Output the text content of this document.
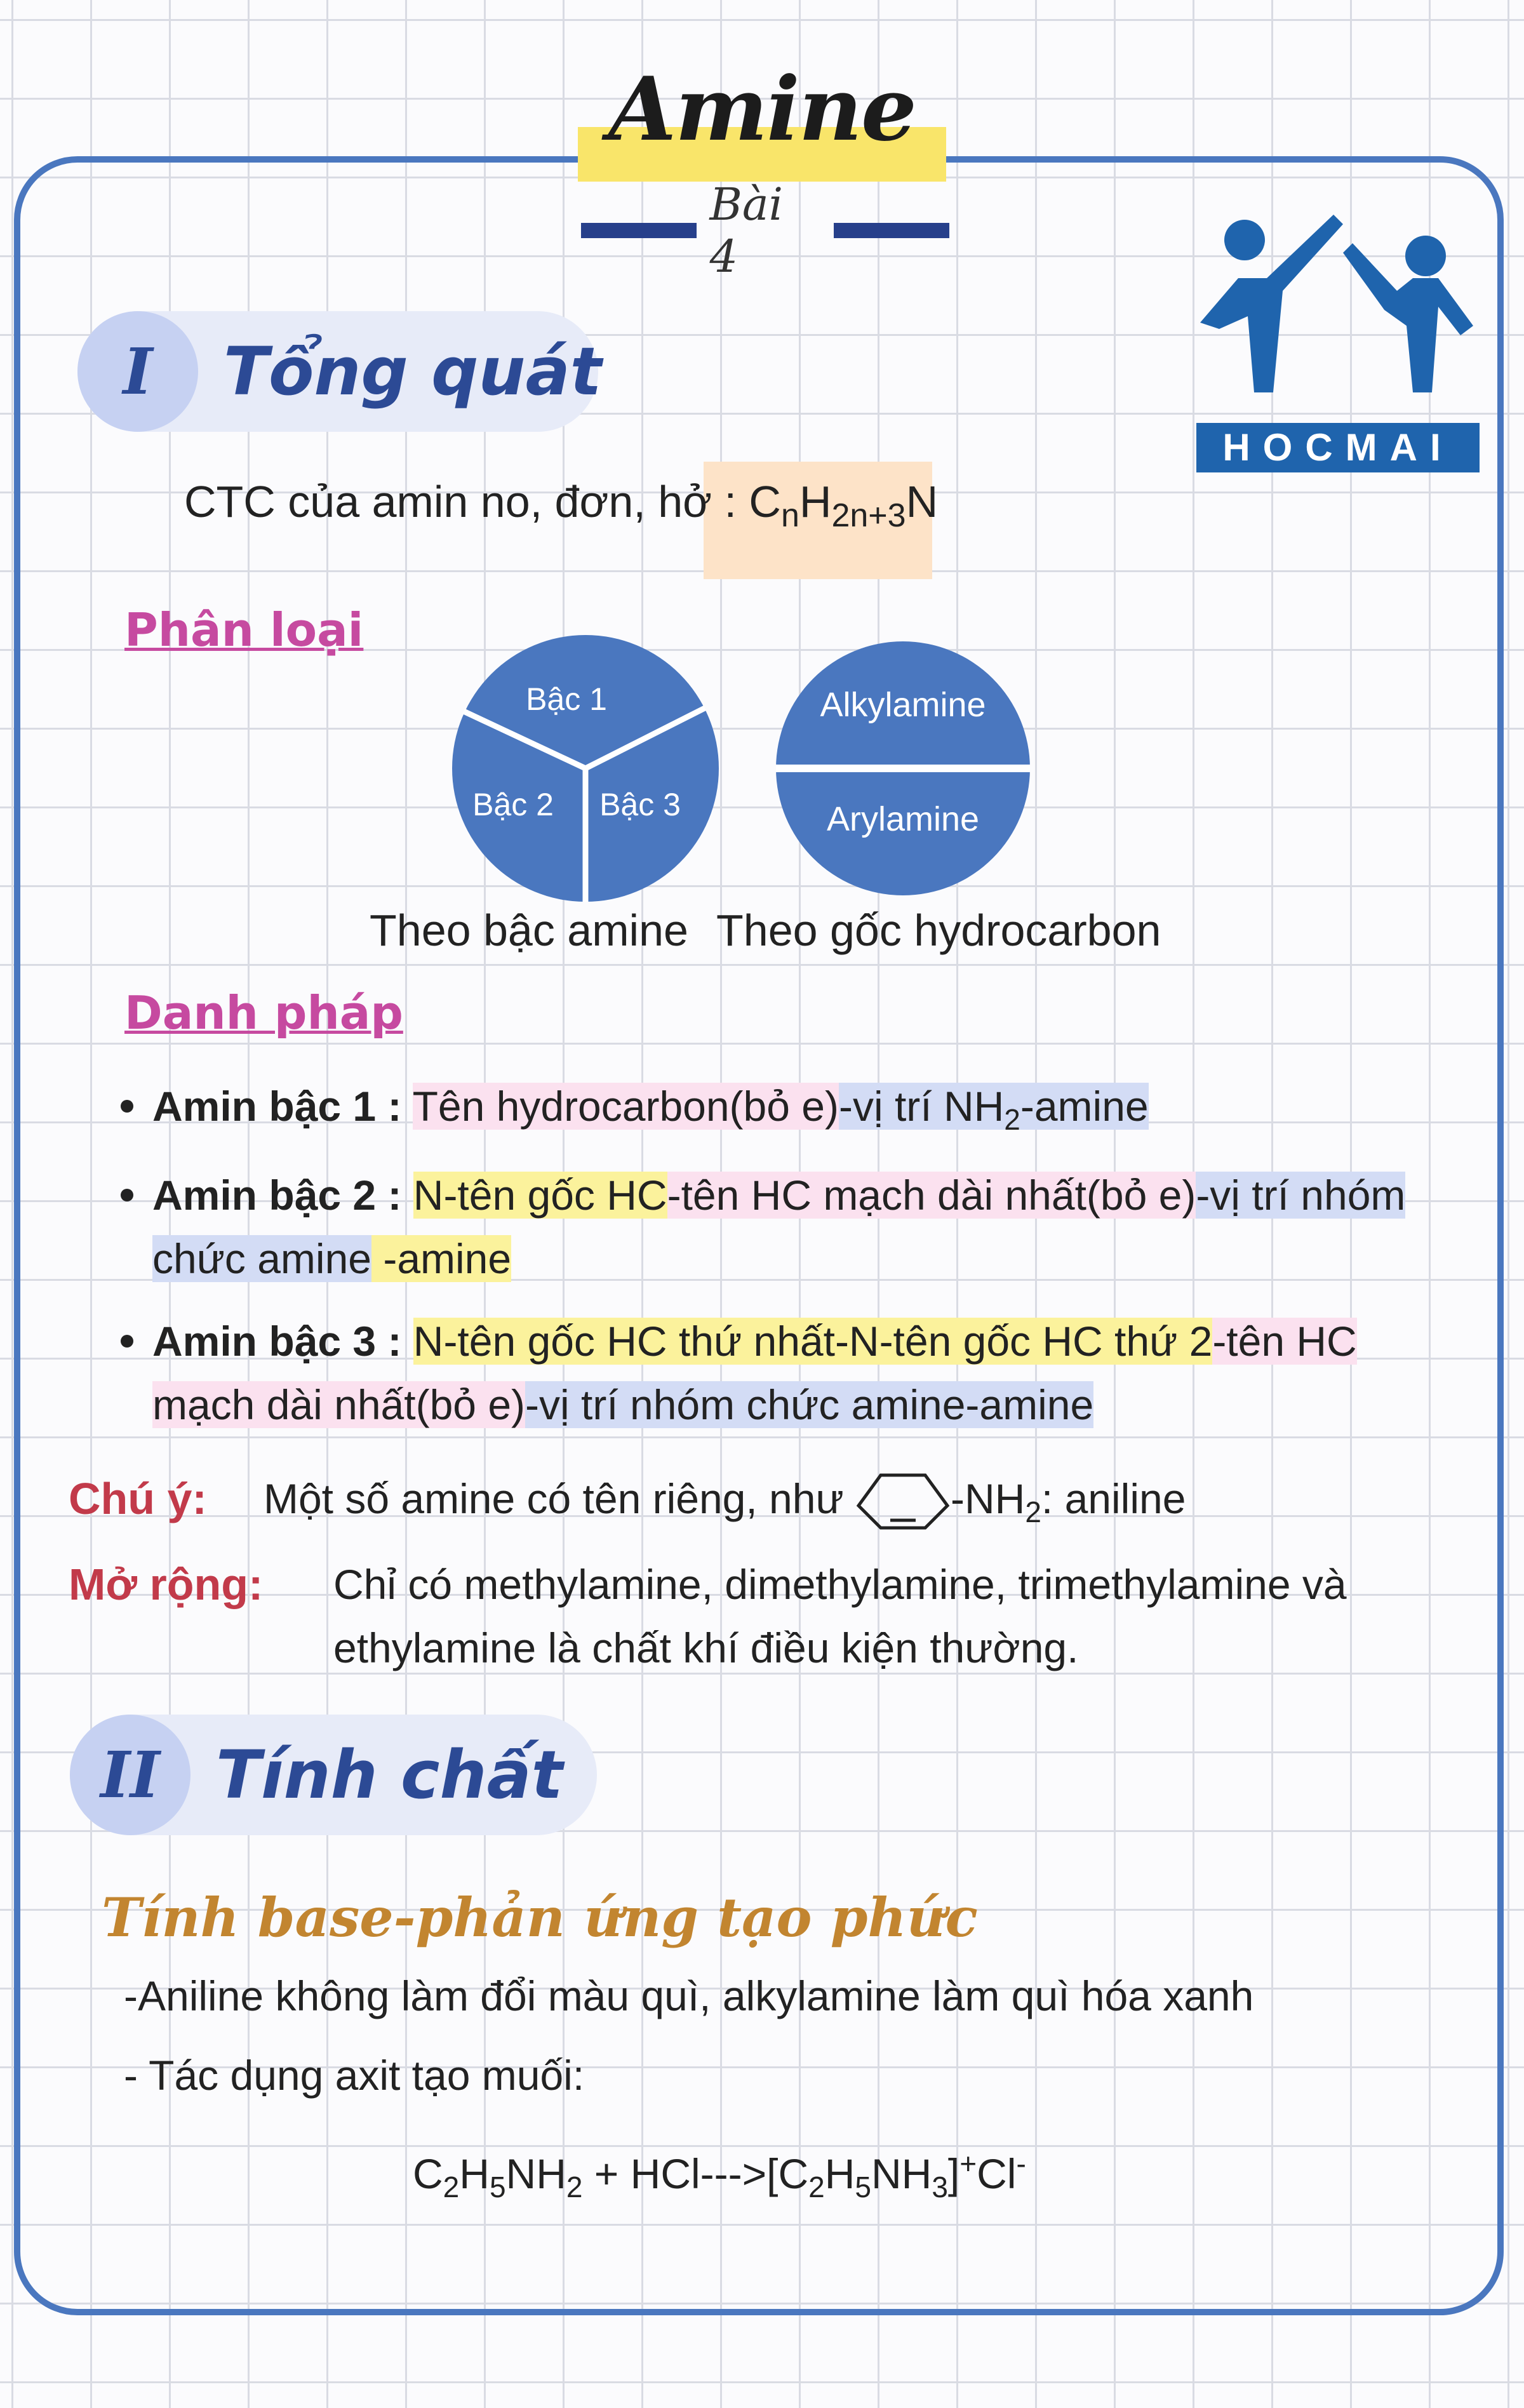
Amine
Bài 4
HOCMAI
I	Tổng quát
CTC của amin no, đơn, hở : $C_nH_{2n+3}N$
Phân loại
Bậc 1
Bậc 2 Bậc 3
Alkylamine
Arylamine
Theo bậc amine Theo gốc hydrocarbon
Danh pháp
Amin bậc 1 : Tên hydrocarbon(bỏ e)-vị trí $NH_2$-amine
Amin bậc 2 : N-tên gốc HC-tên HC mạch dài nhất(bỏ e)-vị trí nhóm chức amine -amine
Amin bậc 3 : N-tên gốc HC thứ nhất-N-tên gốc HC thứ 2-tên HC mạch dài nhất(bỏ e)-vị trí nhóm chức amine-amine
Chú ý: Một số amine có tên riêng, như	$-NH_2$: aniline
Mở rộng: Chỉ có methylamine, dimethylamine, trimethylamine và ethylamine là chất khí điều kiện thường.
II Tính chất
Tính base-phản ứng tạo phức
-Aniline không làm đổi màu quì, alkylamine làm quì hóa xanh
- Tác dụng axit tạo muối:
$C_2H_5NH_2 + HCl--->[C_2H_5NH_3]^+Cl^-$
